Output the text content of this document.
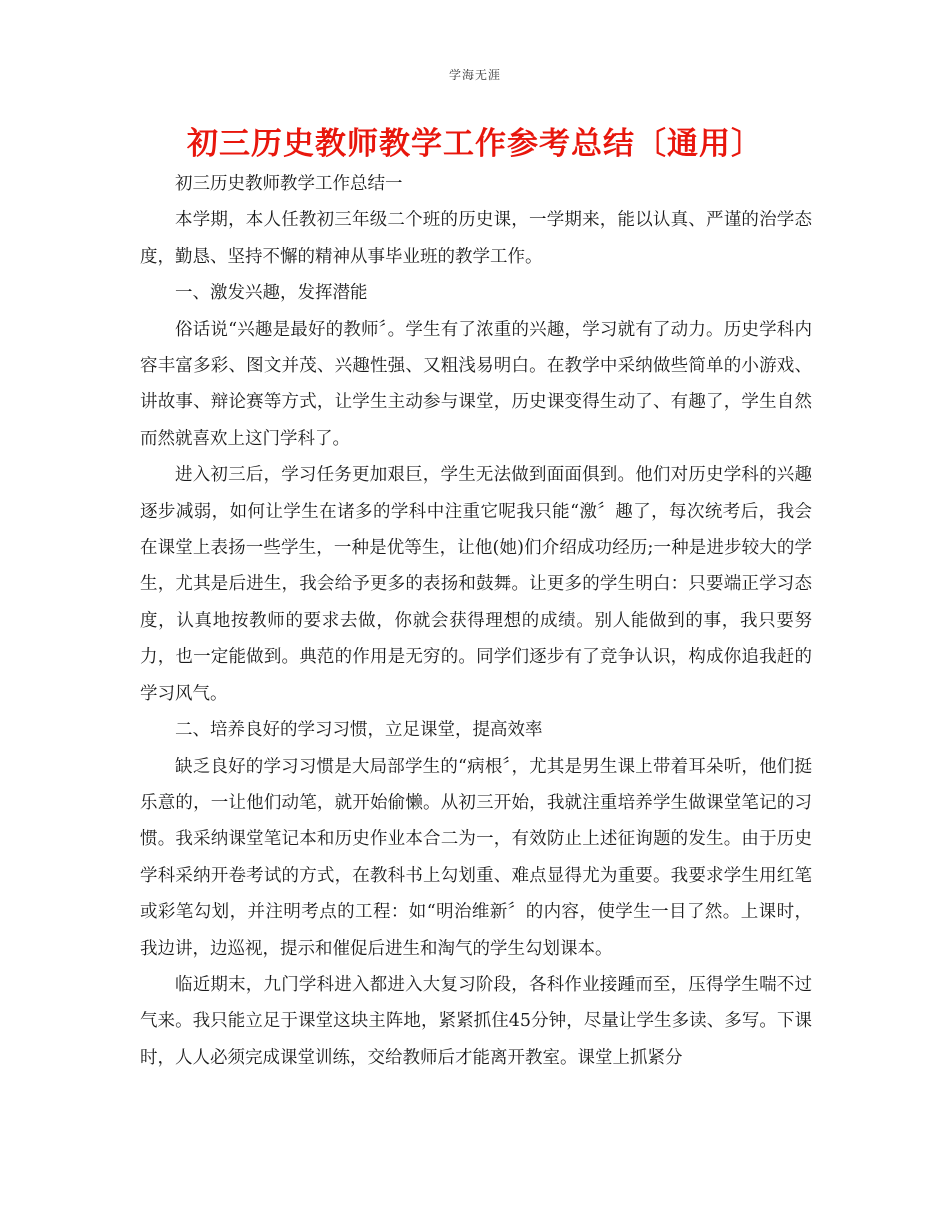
学海无涯
初三历史教师教学工作参考总结〔通用〕

初三历史教师教学工作总结一

本学期，本人任教初三年级二个班的历史课，一学期来，能以认真、严谨的治学态度，勤恳、坚持不懈的精神从事毕业班的教学工作。

一、激发兴趣，发挥潜能

俗话说“兴趣是最好的教师〞。学生有了浓重的兴趣，学习就有了动力。历史学科内容丰富多彩、图文并茂、兴趣性强、又粗浅易明白。在教学中采纳做些简单的小游戏、讲故事、辩论赛等方式，让学生主动参与课堂，历史课变得生动了、有趣了，学生自然而然就喜欢上这门学科了。

进入初三后，学习任务更加艰巨，学生无法做到面面俱到。他们对历史学科的兴趣逐步减弱，如何让学生在诸多的学科中注重它呢我只能“激〞趣了，每次统考后，我会在课堂上表扬一些学生，一种是优等生，让他(她)们介绍成功经历;一种是进步较大的学生，尤其是后进生，我会给予更多的表扬和鼓舞。让更多的学生明白：只要端正学习态度，认真地按教师的要求去做，你就会获得理想的成绩。别人能做到的事，我只要努力，也一定能做到。典范的作用是无穷的。同学们逐步有了竞争认识，构成你追我赶的学习风气。

二、培养良好的学习习惯，立足课堂，提高效率

缺乏良好的学习习惯是大局部学生的“病根〞，尤其是男生课上带着耳朵听，他们挺乐意的，一让他们动笔，就开始偷懒。从初三开始，我就注重培养学生做课堂笔记的习惯。我采纳课堂笔记本和历史作业本合二为一，有效防止上述征询题的发生。由于历史学科采纳开卷考试的方式，在教科书上勾划重、难点显得尤为重要。我要求学生用红笔或彩笔勾划，并注明考点的工程：如“明治维新〞的内容，使学生一目了然。上课时，我边讲，边巡视，提示和催促后进生和淘气的学生勾划课本。

临近期末，九门学科进入都进入大复习阶段，各科作业接踵而至，压得学生喘不过气来。我只能立足于课堂这块主阵地，紧紧抓住45分钟，尽量让学生多读、多写。下课时，人人必须完成课堂训练，交给教师后才能离开教室。课堂上抓紧分
